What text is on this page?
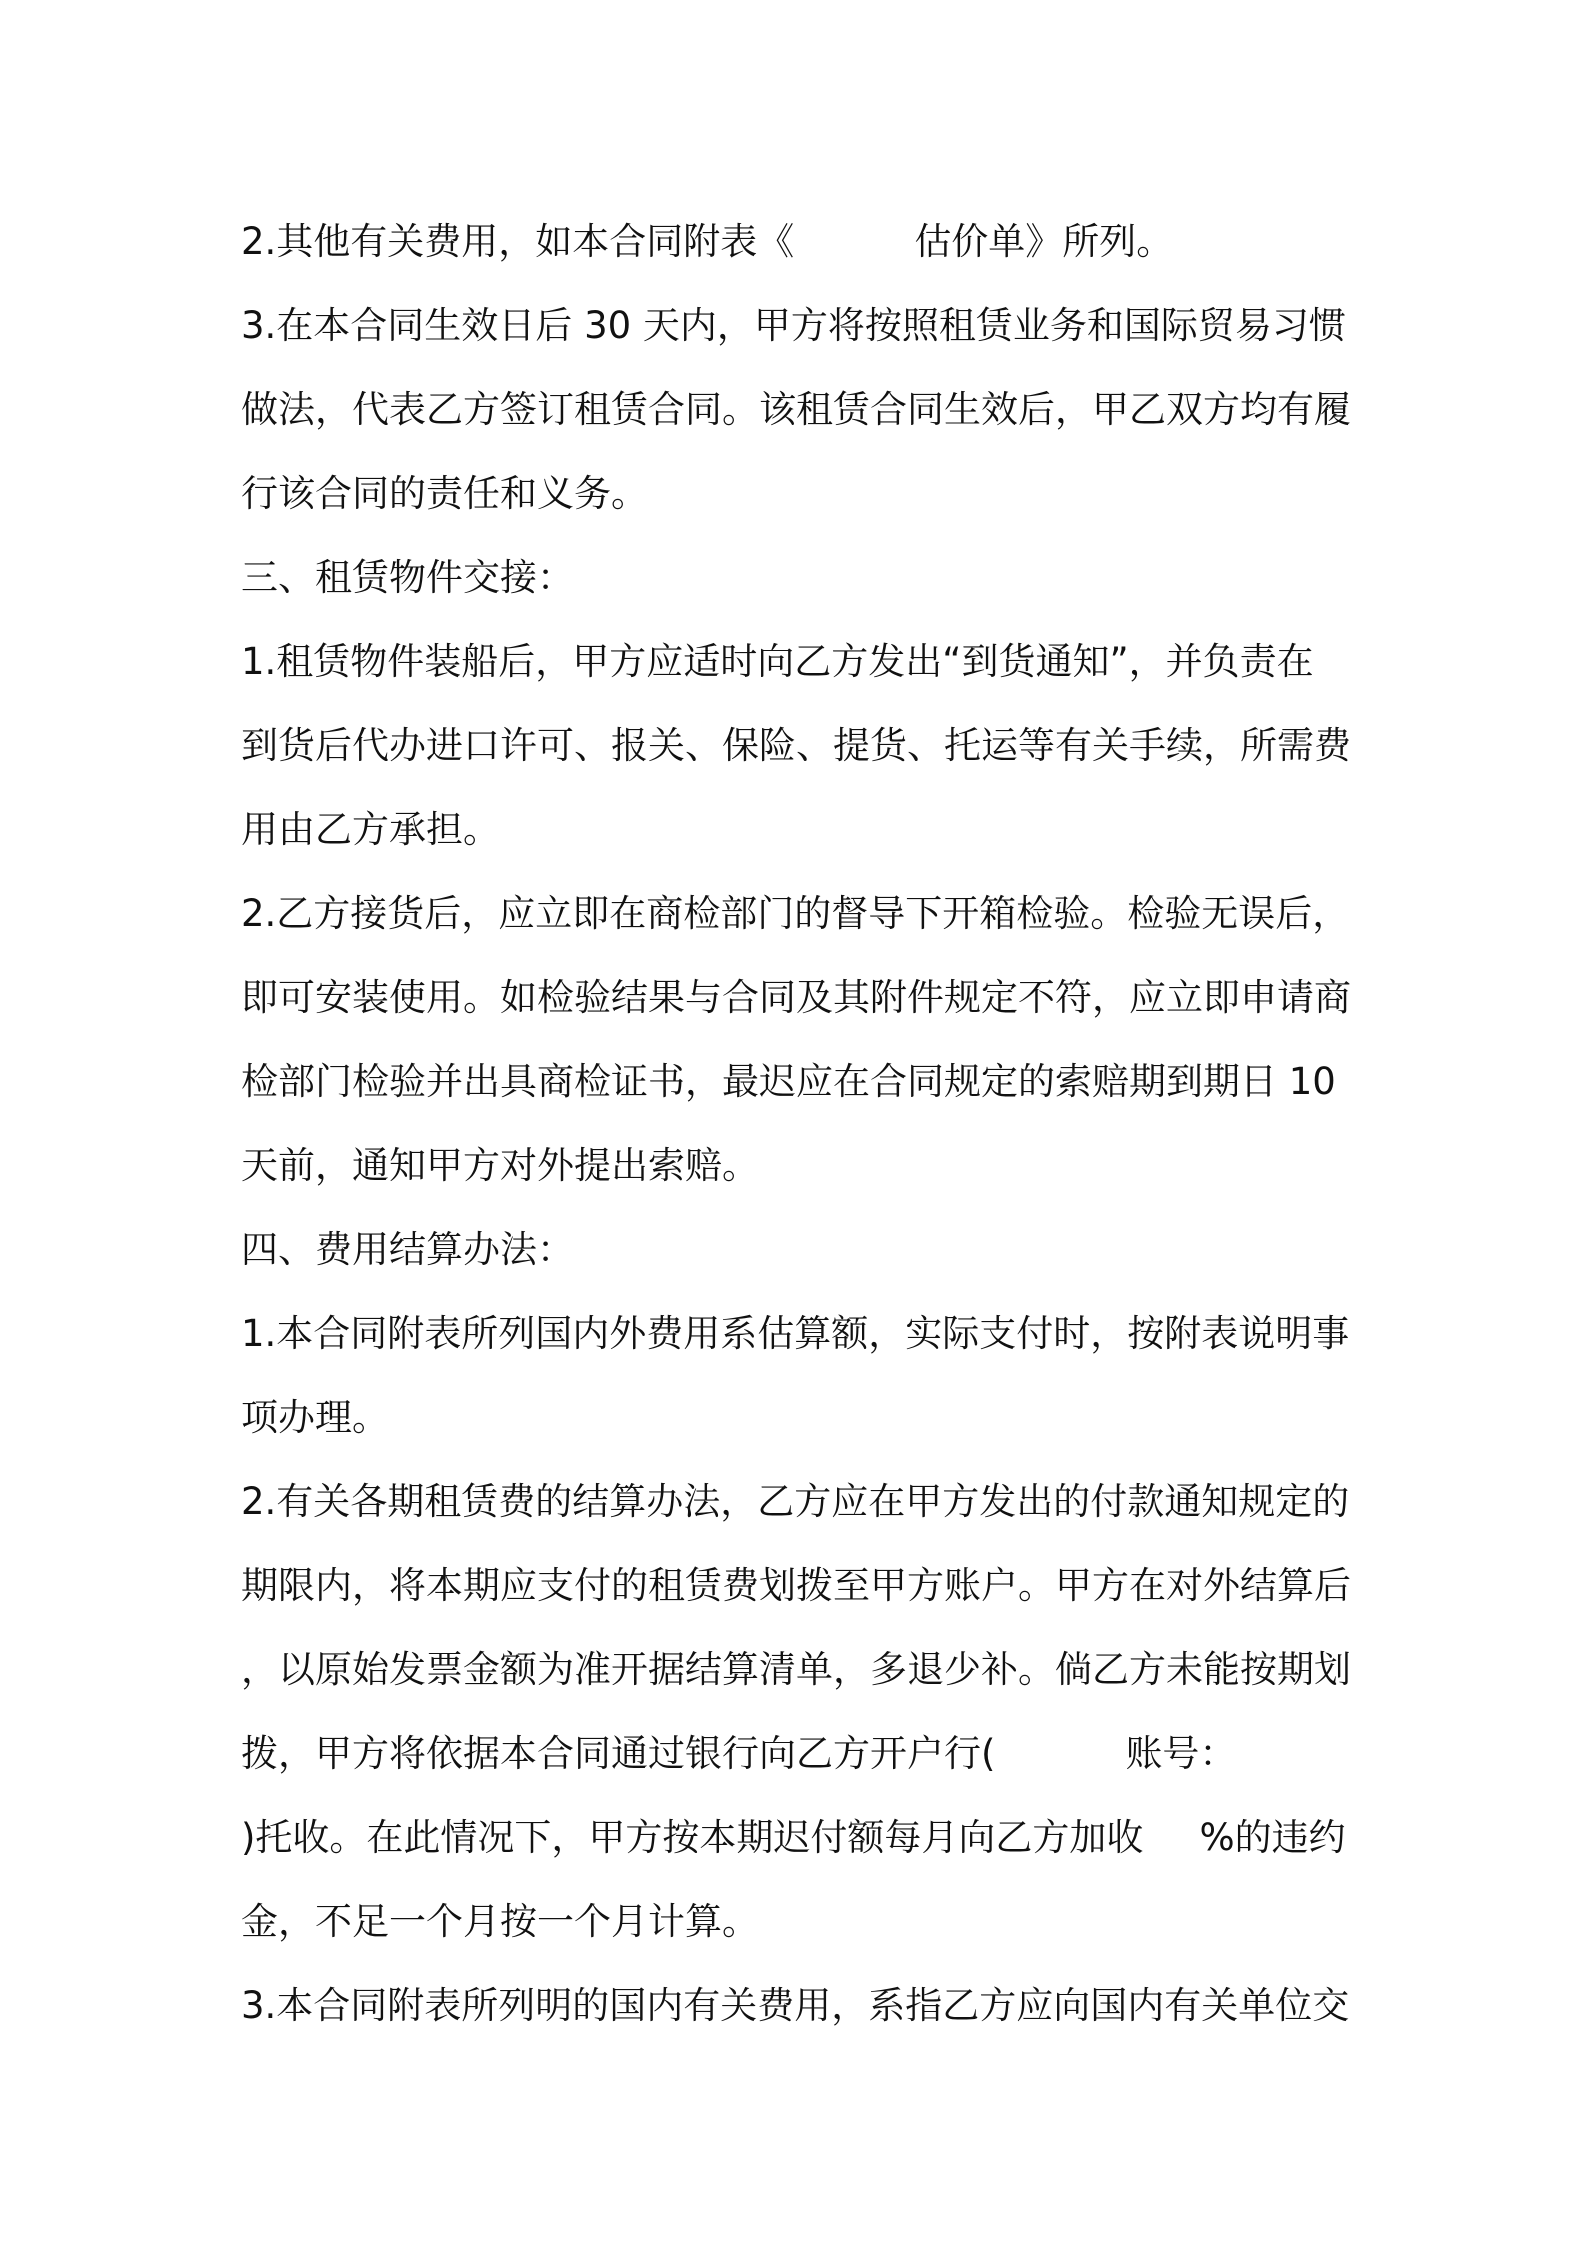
2.其他有关费用，如本合同附表《	估价单》所列。
3.在本合同生效日后 30 天内，甲方将按照租赁业务和国际贸易习惯
做法，代表乙方签订租赁合同。该租赁合同生效后，甲乙双方均有履
行该合同的责任和义务。
三、租赁物件交接：
1.租赁物件装船后，甲方应适时向乙方发出“到货通知”，并负责在
到货后代办进口许可、报关、保险、提货、托运等有关手续，所需费
用由乙方承担。
2.乙方接货后，应立即在商检部门的督导下开箱检验。检验无误后，
即可安装使用。如检验结果与合同及其附件规定不符，应立即申请商
检部门检验并出具商检证书，最迟应在合同规定的索赔期到期日 10
天前，通知甲方对外提出索赔。
四、费用结算办法：
1.本合同附表所列国内外费用系估算额，实际支付时，按附表说明事
项办理。
2.有关各期租赁费的结算办法，乙方应在甲方发出的付款通知规定的
期限内，将本期应支付的租赁费划拨至甲方账户。甲方在对外结算后
，以原始发票金额为准开据结算清单，多退少补。倘乙方未能按期划
拨，甲方将依据本合同通过银行向乙方开户行(	账号：
)托收。在此情况下，甲方按本期迟付额每月向乙方加收 %的违约
金，不足一个月按一个月计算。
3.本合同附表所列明的国内有关费用，系指乙方应向国内有关单位交
